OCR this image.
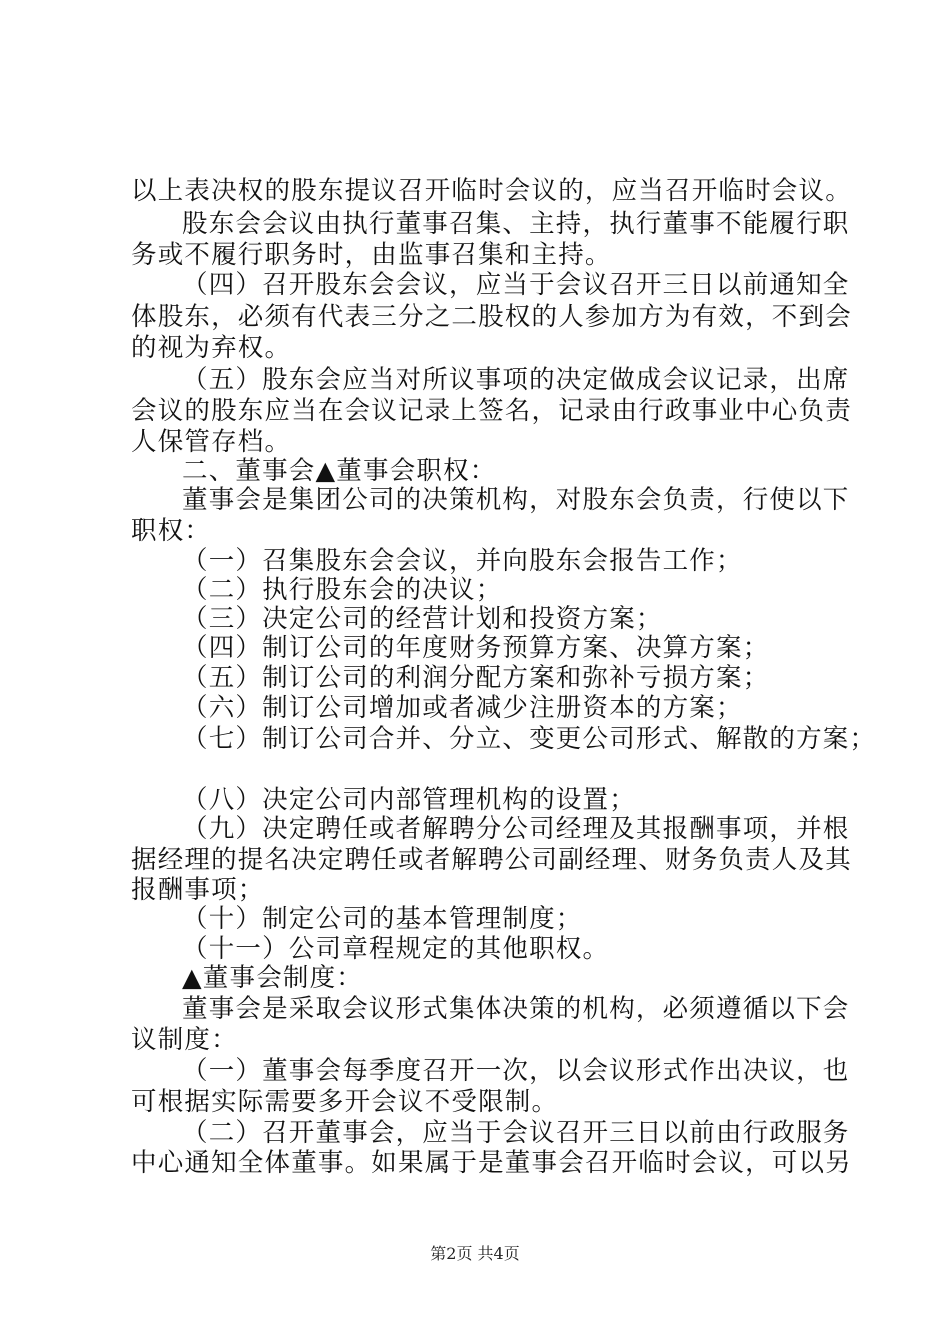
以上表决权的股东提议召开临时会议的，应当召开临时会议。
股东会会议由执行董事召集、主持，执行董事不能履行职
务或不履行职务时，由监事召集和主持。
（四）召开股东会会议，应当于会议召开三日以前通知全
体股东，必须有代表三分之二股权的人参加方为有效，不到会
的视为弃权。
（五）股东会应当对所议事项的决定做成会议记录，出席
会议的股东应当在会议记录上签名，记录由行政事业中心负责
人保管存档。
二、董事会▲董事会职权：
董事会是集团公司的决策机构，对股东会负责，行使以下
职权：
（一）召集股东会会议，并向股东会报告工作；
（二）执行股东会的决议；
（三）决定公司的经营计划和投资方案；
（四）制订公司的年度财务预算方案、决算方案；
（五）制订公司的利润分配方案和弥补亏损方案；
（六）制订公司增加或者减少注册资本的方案；
（七）制订公司合并、分立、变更公司形式、解散的方案；
（八）决定公司内部管理机构的设置；
（九）决定聘任或者解聘分公司经理及其报酬事项，并根
据经理的提名决定聘任或者解聘公司副经理、财务负责人及其
报酬事项；
（十）制定公司的基本管理制度；
（十一）公司章程规定的其他职权。
▲董事会制度：
董事会是采取会议形式集体决策的机构，必须遵循以下会
议制度：
（一）董事会每季度召开一次，以会议形式作出决议，也
可根据实际需要多开会议不受限制。
（二）召开董事会，应当于会议召开三日以前由行政服务
中心通知全体董事。如果属于是董事会召开临时会议，可以另
第2页 共4页
